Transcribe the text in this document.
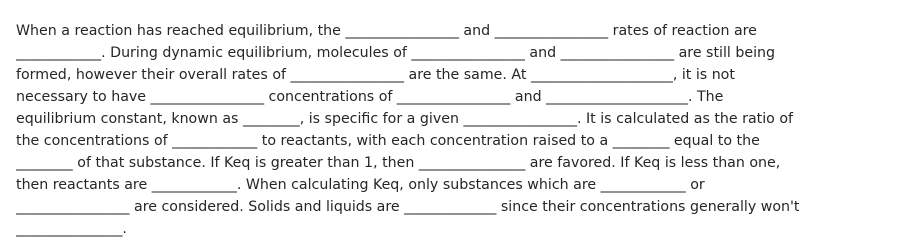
When a reaction has reached equilibrium, the ________________ and ________________ rates of reaction are
____________. During dynamic equilibrium, molecules of ________________ and ________________ are still being
formed, however their overall rates of ________________ are the same. At ____________________, it is not
necessary to have ________________ concentrations of ________________ and ____________________. The
equilibrium constant, known as ________, is specific for a given ________________. It is calculated as the ratio of
the concentrations of ____________ to reactants, with each concentration raised to a ________ equal to the
________ of that substance. If Keq is greater than 1, then _______________ are favored. If Keq is less than one,
then reactants are ____________. When calculating Keq, only substances which are ____________ or
________________ are considered. Solids and liquids are _____________ since their concentrations generally won't
_______________.
